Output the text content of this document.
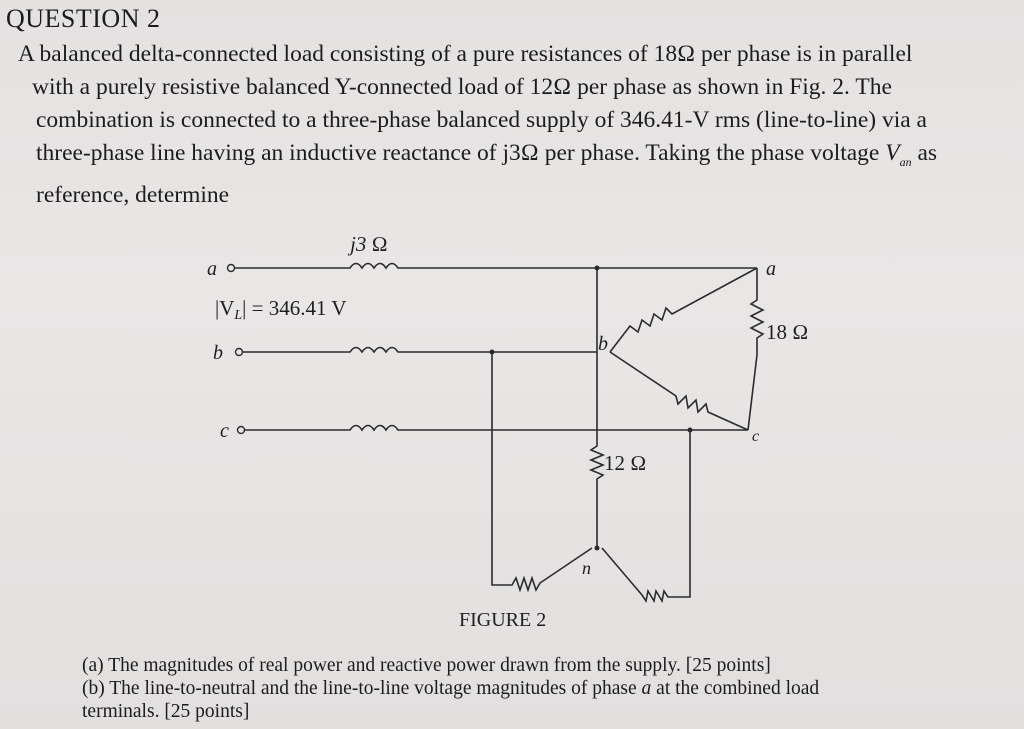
QUESTION 2

A balanced delta-connected load consisting of a pure resistances of 18Ω per phase is in parallel
with a purely resistive balanced Y-connected load of 12Ω per phase as shown in Fig. 2. The
combination is connected to a three-phase balanced supply of 346.41-V rms (line-to-line) via a
three-phase line having an inductive reactance of j3Ω per phase. Taking the phase voltage $V_{an}$ as
reference, determine

a
b
c
j3 Ω
|VL| = 346.41 V
b
a
c
18 Ω
n
12 Ω
FIGURE 2

(a) The magnitudes of real power and reactive power drawn from the supply. [25 points]

(b) The line-to-neutral and the line-to-line voltage magnitudes of phase a at the combined load

terminals. [25 points]
